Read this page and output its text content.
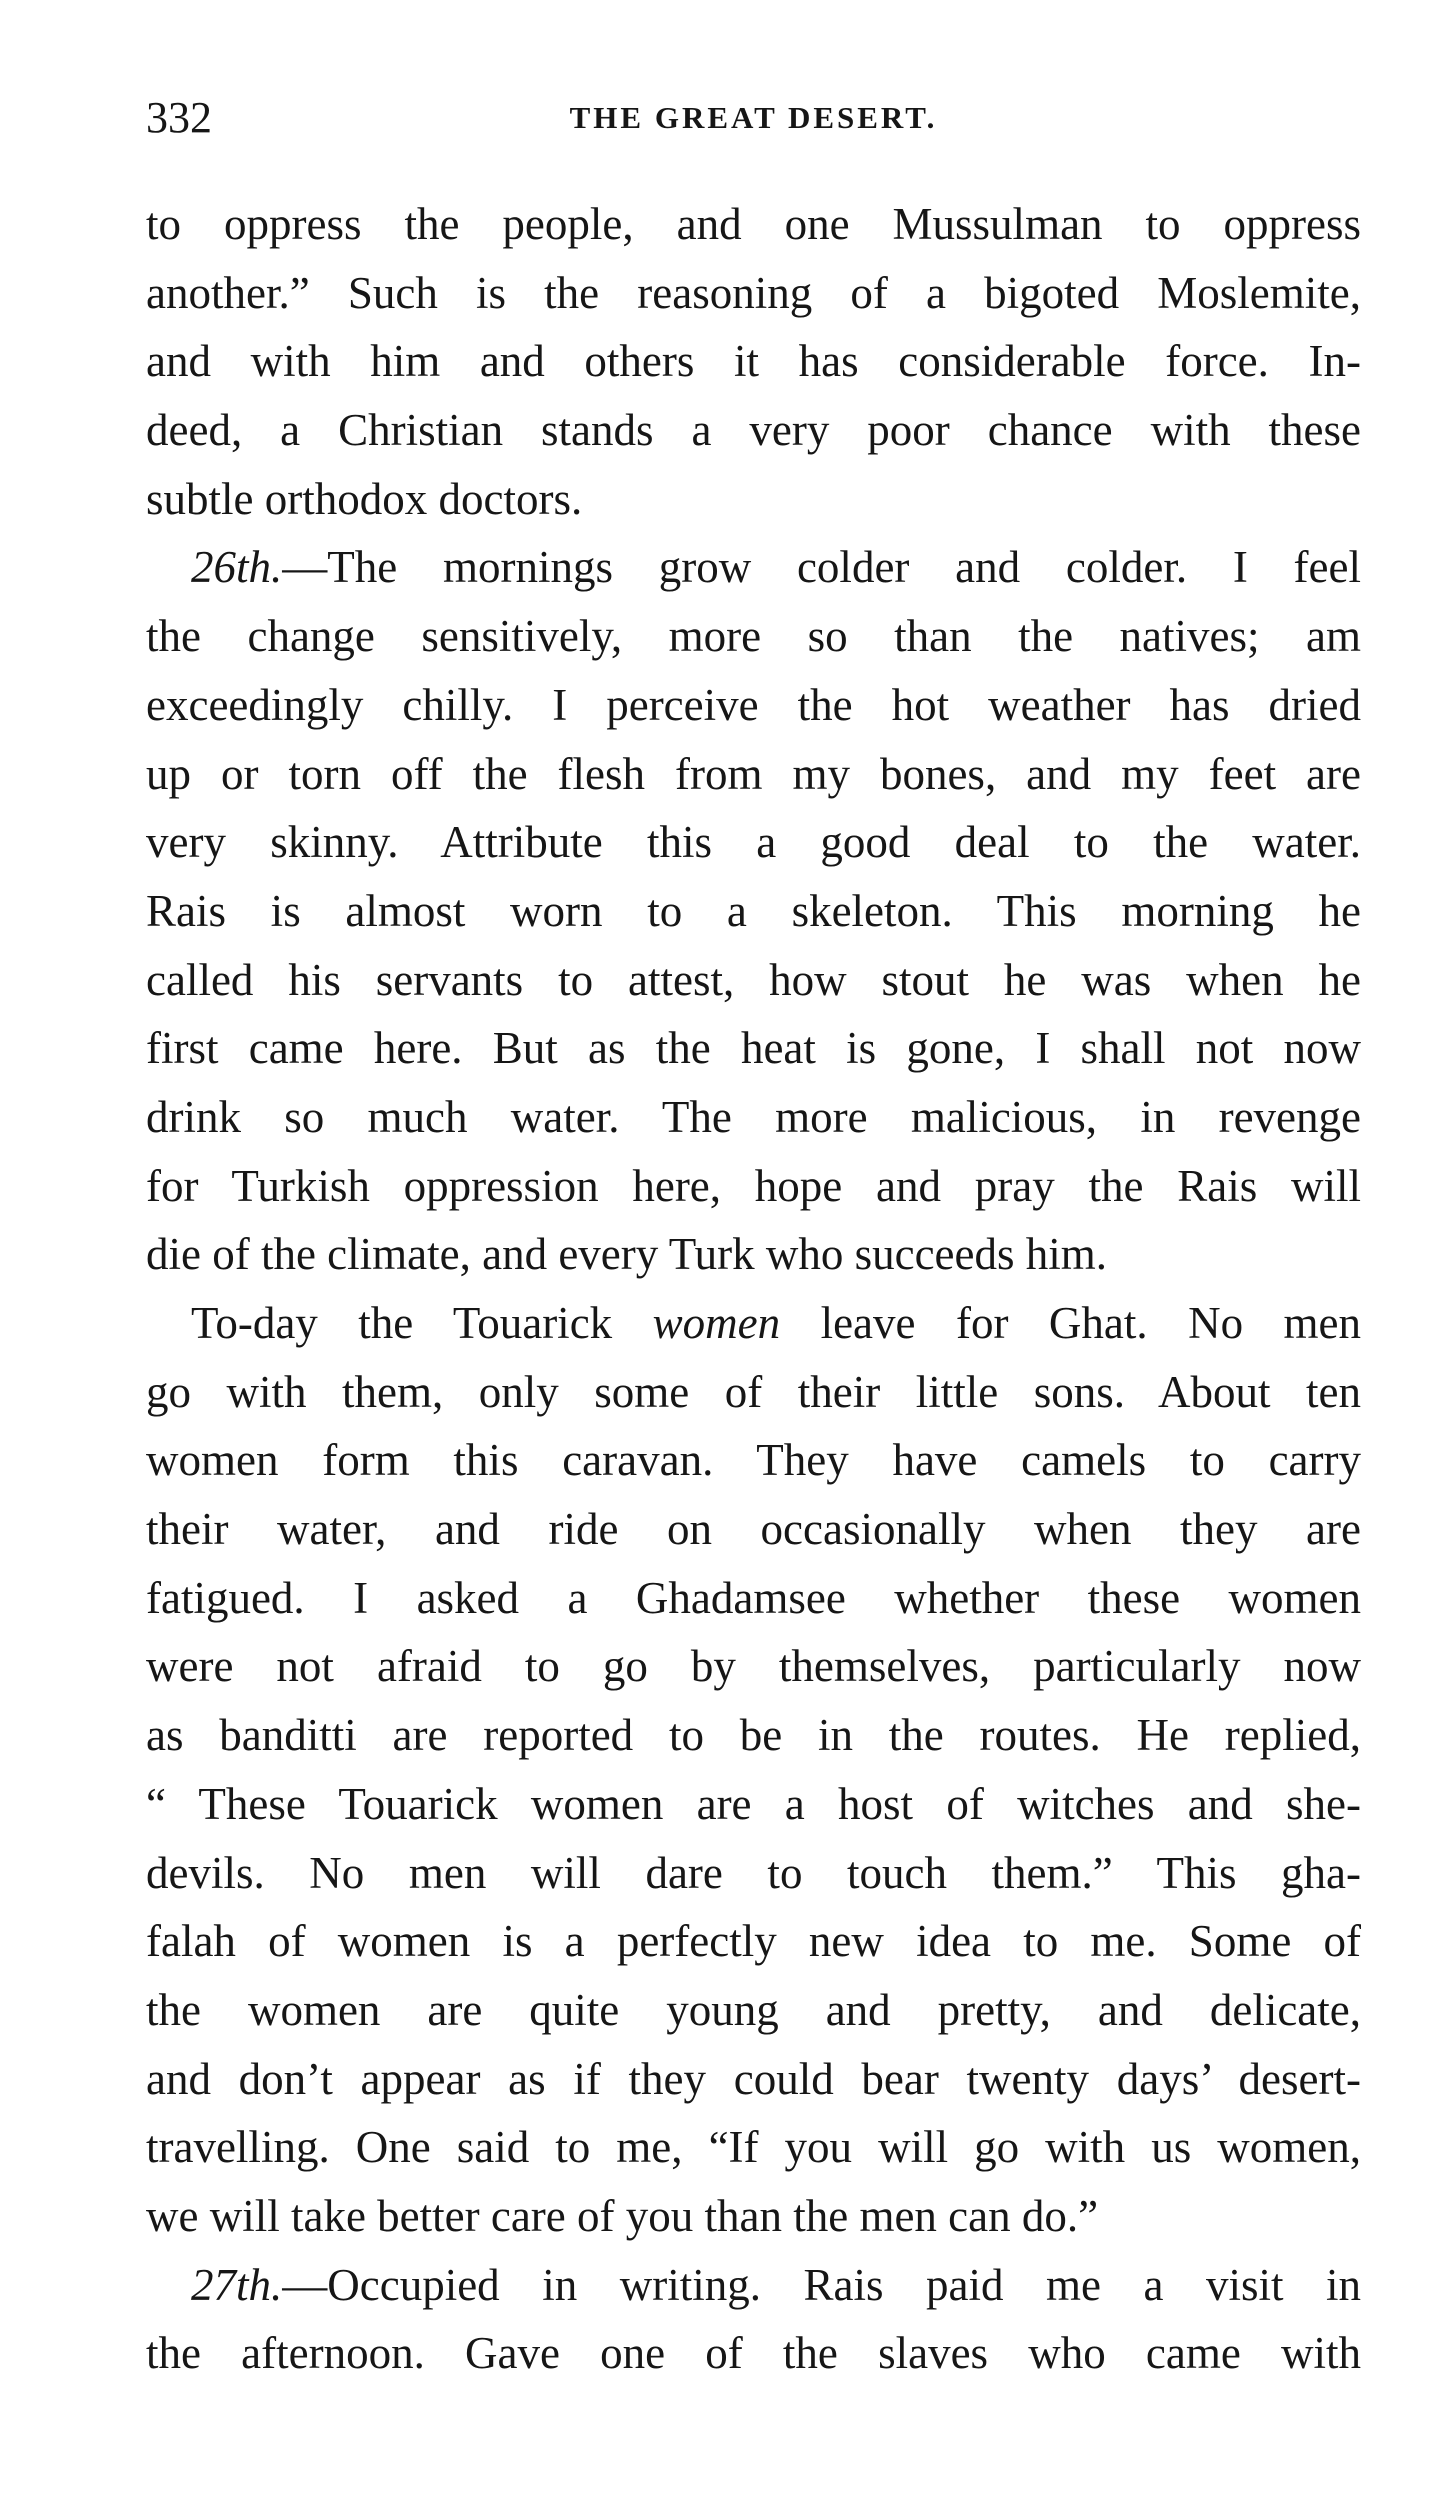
332	THE GREAT DESERT.
to oppress the people, and one Mussulman to oppress
another.” Such is the reasoning of a bigoted Moslemite,
and with him and others it has considerable force. In-
deed, a Christian stands a very poor chance with these
subtle orthodox doctors.
26th.—The mornings grow colder and colder. I feel
the change sensitively, more so than the natives; am
exceedingly chilly. I perceive the hot weather has dried
up or torn off the flesh from my bones, and my feet are
very skinny. Attribute this a good deal to the water.
Rais is almost worn to a skeleton. This morning he
called his servants to attest, how stout he was when he
first came here. But as the heat is gone, I shall not now
drink so much water. The more malicious, in revenge
for Turkish oppression here, hope and pray the Rais will
die of the climate, and every Turk who succeeds him.
To-day the Touarick women leave for Ghat. No men
go with them, only some of their little sons. About ten
women form this caravan. They have camels to carry
their water, and ride on occasionally when they are
fatigued. I asked a Ghadamsee whether these women
were not afraid to go by themselves, particularly now
as banditti are reported to be in the routes. He replied,
“ These Touarick women are a host of witches and she-
devils. No men will dare to touch them.” This gha-
falah of women is a perfectly new idea to me. Some of
the women are quite young and pretty, and delicate,
and don’t appear as if they could bear twenty days’ desert-
travelling. One said to me, “If you will go with us women,
we will take better care of you than the men can do.”
27th.—Occupied in writing. Rais paid me a visit in
the afternoon. Gave one of the slaves who came with
